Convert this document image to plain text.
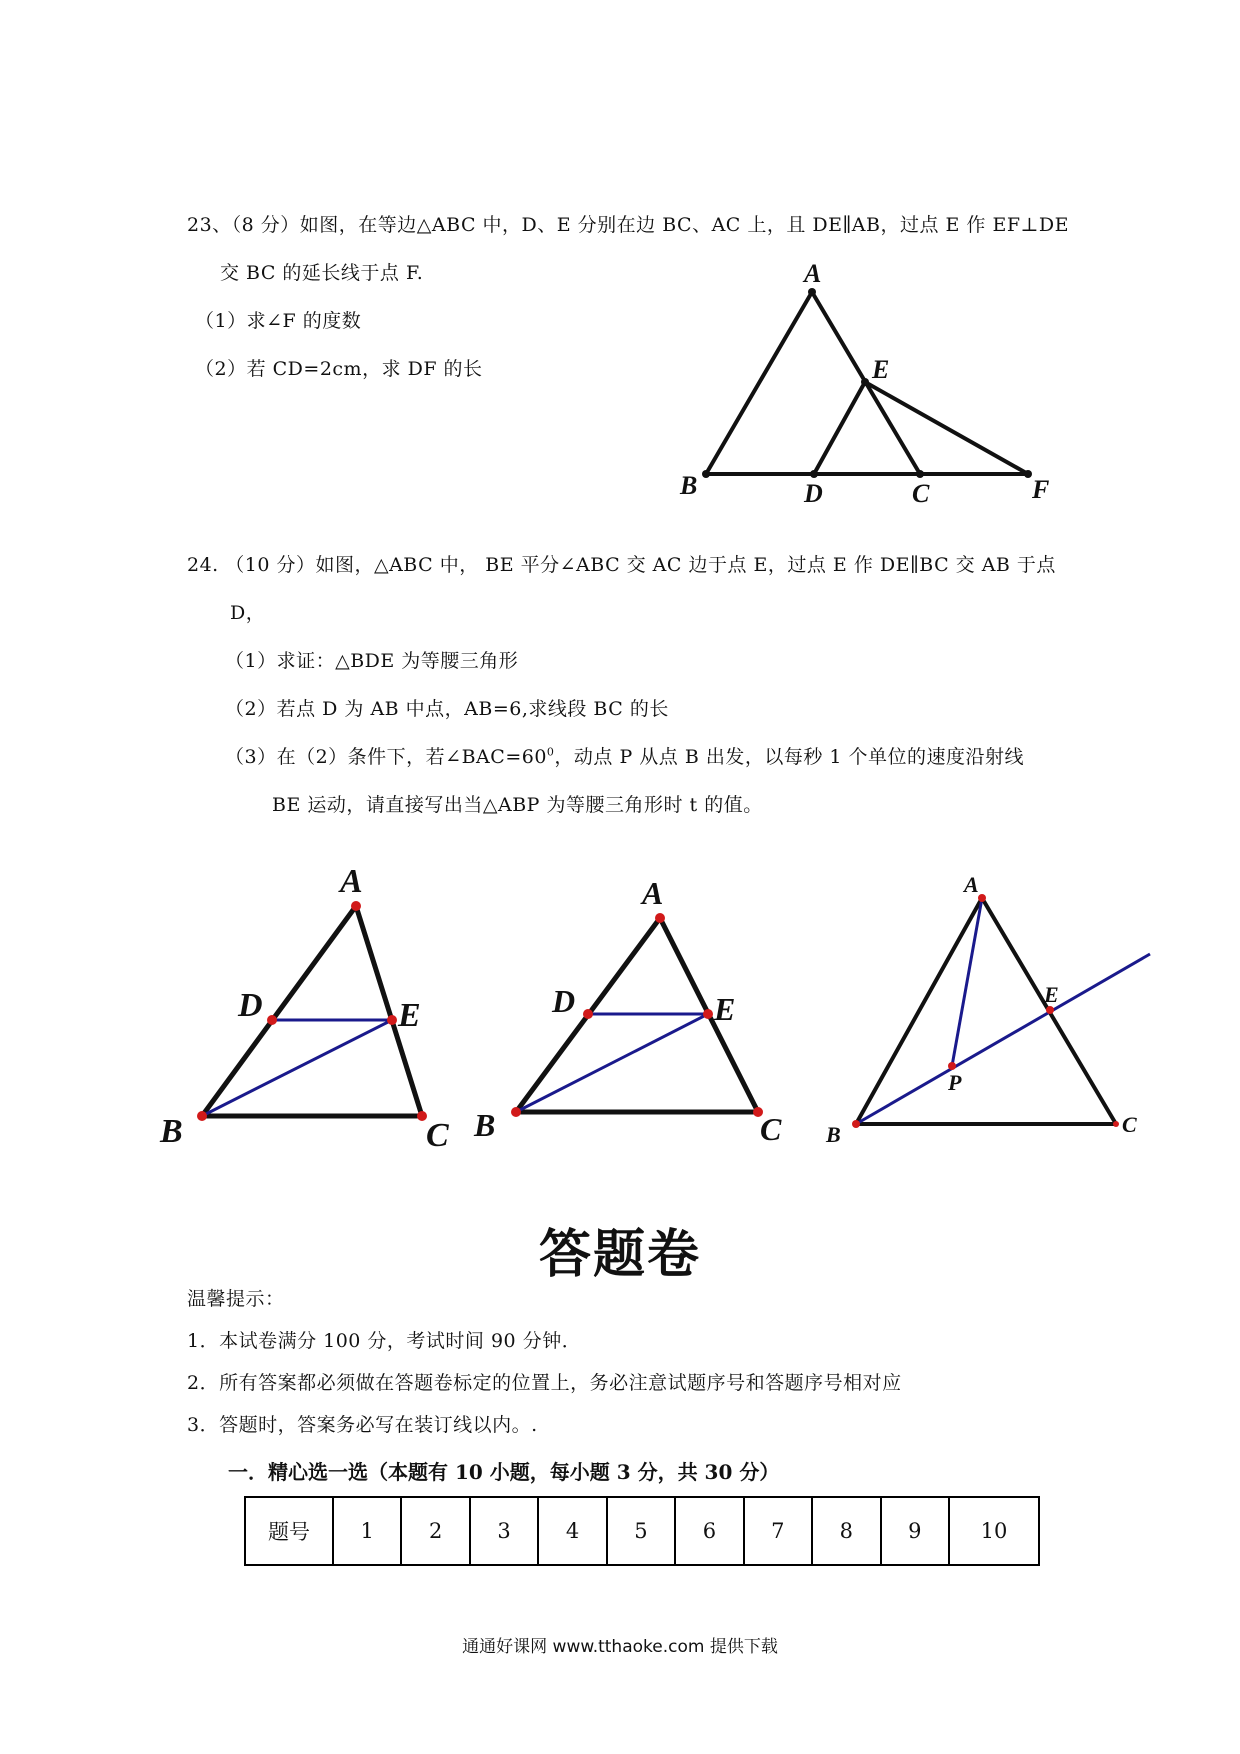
23、（8 分）如图，在等边△ABC 中，D、E 分别在边 BC、AC 上，且 DE∥AB，过点 E 作 EF⊥DE
交 BC 的延长线于点 F.
（1）求∠F 的度数
（2）若 CD=2cm，求 DF 的长
A
E
B	D	C	F
24. （10 分）如图，△ABC 中， BE 平分∠ABC 交 AC 边于点 E，过点 E 作 DE∥BC 交 AB 于点
D，
（1）求证：△BDE 为等腰三角形
（2）若点 D 为 AB 中点，AB=6,求线段 BC 的长
（3）在（2）条件下，若$\angle BAC=60^0$，动点 P 从点 B 出发，以每秒 1 个单位的速度沿射线
BE 运动，请直接写出当△ABP 为等腰三角形时 t 的值。
A
D	E
B	C
A
D	E
B	C
A
E
P
B	C
答题卷
温馨提示：
1．本试卷满分 100 分，考试时间 90 分钟．
2．所有答案都必须做在答题卷标定的位置上，务必注意试题序号和答题序号相对应
3．答题时，答案务必写在装订线以内。.
一．精心选一选（本题有 10 小题，每小题 3 分，共 30 分）
题号	1	2	3	4	5	6	7	8	9	10
通通好课网 www.tthaoke.com 提供下载
